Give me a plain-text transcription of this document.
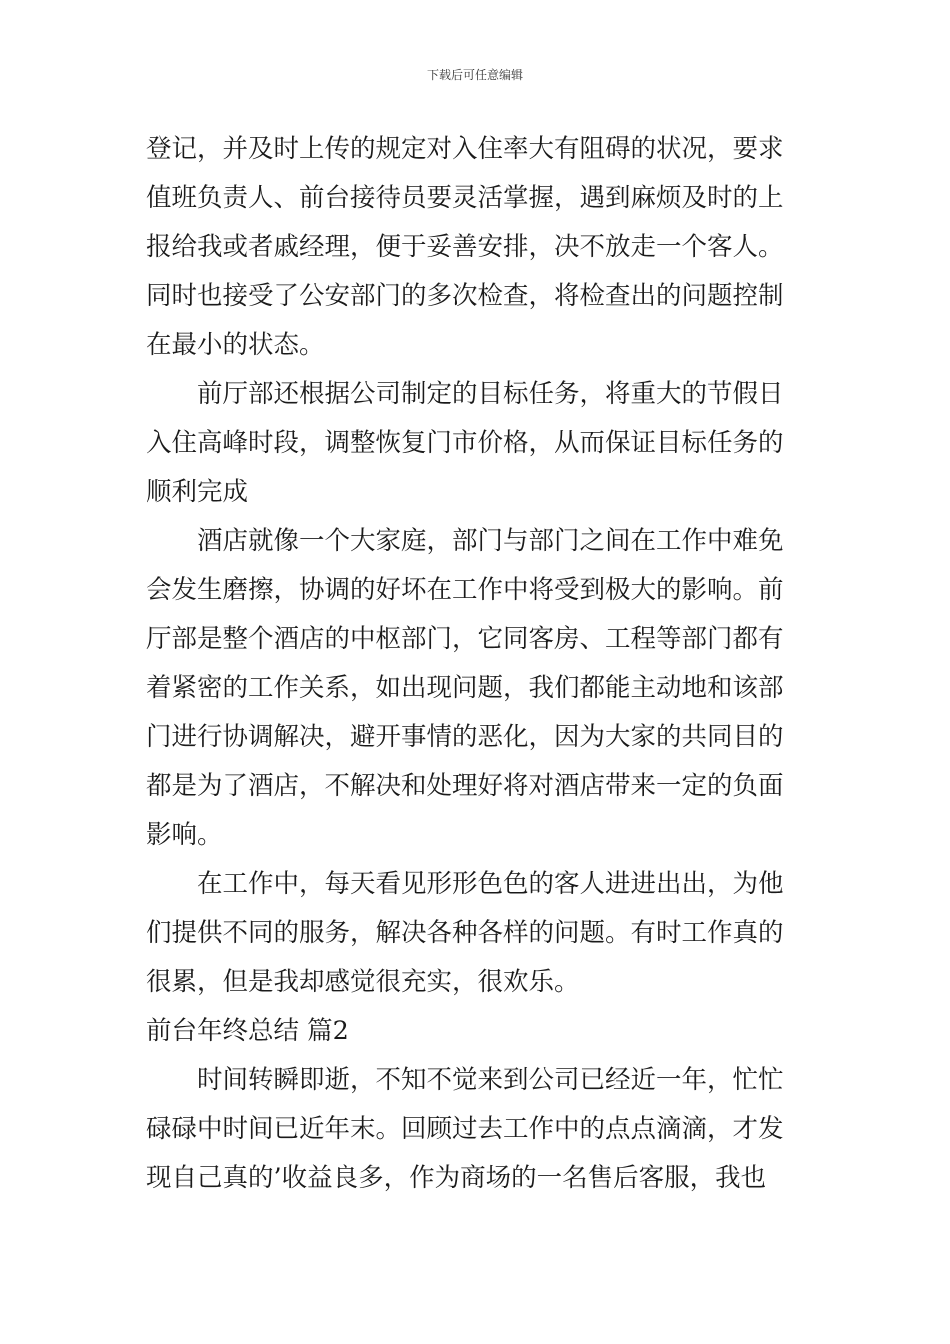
下载后可任意编辑
登记，并及时上传的规定对入住率大有阻碍的状况，要求
值班负责人、前台接待员要灵活掌握，遇到麻烦及时的上
报给我或者戚经理，便于妥善安排，决不放走一个客人。
同时也接受了公安部门的多次检查，将检查出的问题控制
在最小的状态。
前厅部还根据公司制定的目标任务，将重大的节假日
入住高峰时段，调整恢复门市价格，从而保证目标任务的
顺利完成
酒店就像一个大家庭，部门与部门之间在工作中难免
会发生磨擦，协调的好坏在工作中将受到极大的影响。前
厅部是整个酒店的中枢部门，它同客房、工程等部门都有
着紧密的工作关系，如出现问题，我们都能主动地和该部
门进行协调解决，避开事情的恶化，因为大家的共同目的
都是为了酒店，不解决和处理好将对酒店带来一定的负面
影响。
在工作中，每天看见形形色色的客人进进出出，为他
们提供不同的服务，解决各种各样的问题。有时工作真的
很累，但是我却感觉很充实，很欢乐。
前台年终总结 篇2
时间转瞬即逝，不知不觉来到公司已经近一年，忙忙
碌碌中时间已近年末。回顾过去工作中的点点滴滴，才发
现自己真的’收益良多，作为商场的一名售后客服，我也
